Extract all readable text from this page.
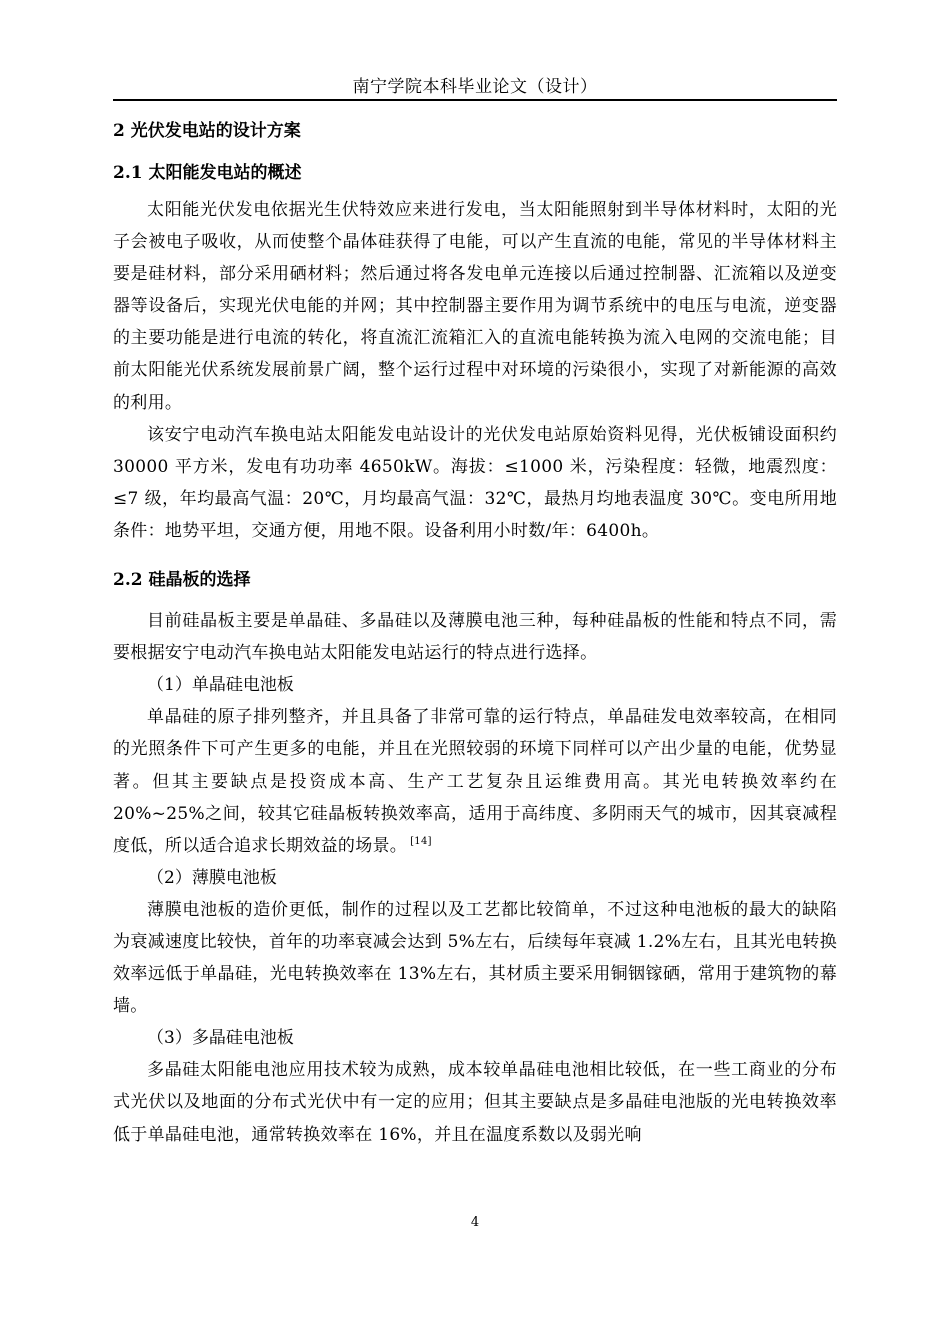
南宁学院本科毕业论文（设计）
2 光伏发电站的设计方案
2.1 太阳能发电站的概述

太阳能光伏发电依据光生伏特效应来进行发电，当太阳能照射到半导体材料时，太阳的光子会被电子吸收，从而使整个晶体硅获得了电能，可以产生直流的电能，常见的半导体材料主要是硅材料，部分采用硒材料；然后通过将各发电单元连接以后通过控制器、汇流箱以及逆变器等设备后，实现光伏电能的并网；其中控制器主要作用为调节系统中的电压与电流，逆变器的主要功能是进行电流的转化，将直流汇流箱汇入的直流电能转换为流入电网的交流电能；目前太阳能光伏系统发展前景广阔，整个运行过程中对环境的污染很小，实现了对新能源的高效的利用。

该安宁电动汽车换电站太阳能发电站设计的光伏发电站原始资料见得，光伏板铺设面积约 30000 平方米，发电有功功率 4650kW。海拔：≤1000 米，污染程度：轻微，地震烈度：≤7 级，年均最高气温：20℃，月均最高气温：32℃，最热月均地表温度 30℃。变电所用地条件：地势平坦，交通方便，用地不限。设备利用小时数/年：6400h。

2.2 硅晶板的选择

目前硅晶板主要是单晶硅、多晶硅以及薄膜电池三种，每种硅晶板的性能和特点不同，需要根据安宁电动汽车换电站太阳能发电站运行的特点进行选择。

（1）单晶硅电池板

单晶硅的原子排列整齐，并且具备了非常可靠的运行特点，单晶硅发电效率较高，在相同的光照条件下可产生更多的电能，并且在光照较弱的环境下同样可以产出少量的电能，优势显著。但其主要缺点是投资成本高、生产工艺复杂且运维费用高。其光电转换效率约在 20%~25%之间，较其它硅晶板转换效率高，适用于高纬度、多阴雨天气的城市，因其衰减程度低，所以适合追求长期效益的场景。 [14]

（2）薄膜电池板

薄膜电池板的造价更低，制作的过程以及工艺都比较简单，不过这种电池板的最大的缺陷为衰减速度比较快，首年的功率衰减会达到 5%左右，后续每年衰减 1.2%左右，且其光电转换效率远低于单晶硅，光电转换效率在 13%左右，其材质主要采用铜铟镓硒，常用于建筑物的幕墙。

（3）多晶硅电池板

多晶硅太阳能电池应用技术较为成熟，成本较单晶硅电池相比较低，在一些工商业的分布式光伏以及地面的分布式光伏中有一定的应用；但其主要缺点是多晶硅电池版的光电转换效率低于单晶硅电池，通常转换效率在 16%，并且在温度系数以及弱光响

4
